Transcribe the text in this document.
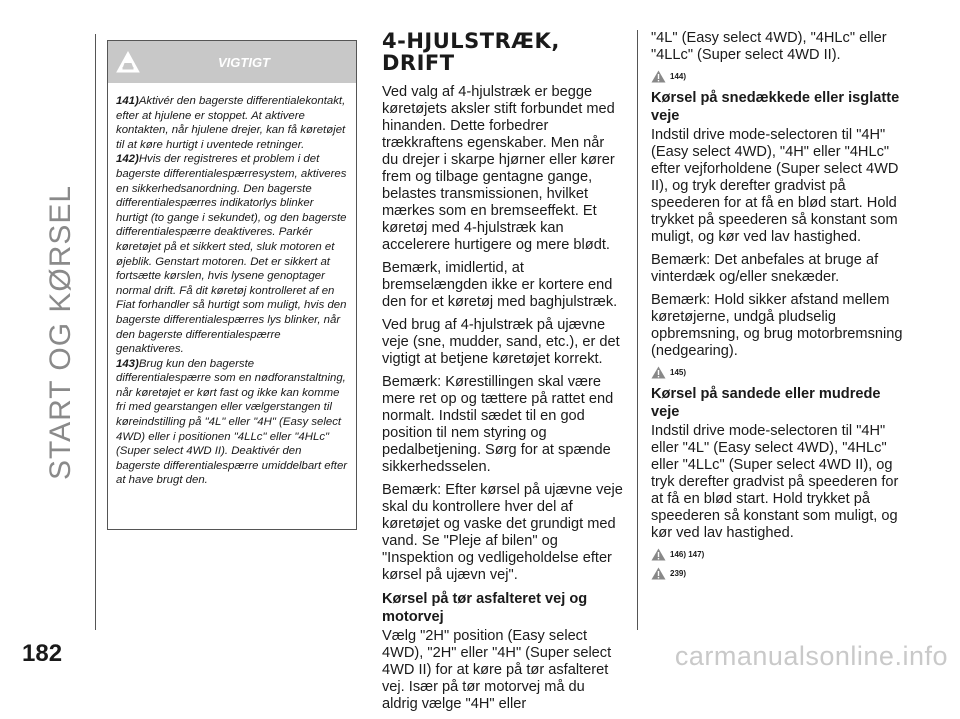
START OG KØRSEL
182
VIGTIGT

141)Aktivér den bagerste differentialekontakt, efter at hjulene er stoppet. At aktivere kontakten, når hjulene drejer, kan få køretøjet til at køre hurtigt i uventede retninger.

142)Hvis der registreres et problem i det bagerste differentialespærresystem, aktiveres en sikkerhedsanordning. Den bagerste differentialespærres indikatorlys blinker hurtigt (to gange i sekundet), og den bagerste differentialespærre deaktiveres. Parkér køretøjet på et sikkert sted, sluk motoren et øjeblik. Genstart motoren. Det er sikkert at fortsætte kørslen, hvis lysene genoptager normal drift. Få dit køretøj kontrolleret af en Fiat forhandler så hurtigt som muligt, hvis den bagerste differentialespærres lys blinker, når den bagerste differentialespærre genaktiveres.

143)Brug kun den bagerste differentialespærre som en nødforanstaltning, når køretøjet er kørt fast og ikke kan komme fri med gearstangen eller vælgerstangen til køreindstilling på "4L" eller "4H" (Easy select 4WD) eller i positionen "4LLc" eller "4HLc" (Super select 4WD II). Deaktivér den bagerste differentialespærre umiddelbart efter at have brugt den.

4-HJULSTRÆK, DRIFT

Ved valg af 4-hjulstræk er begge køretøjets aksler stift forbundet med hinanden. Dette forbedrer trækkraftens egenskaber. Men når du drejer i skarpe hjørner eller kører frem og tilbage gentagne gange, belastes transmissionen, hvilket mærkes som en bremseeffekt. Et køretøj med 4-hjulstræk kan accelerere hurtigere og mere blødt.

Bemærk, imidlertid, at bremselængden ikke er kortere end den for et køretøj med baghjulstræk.

Ved brug af 4-hjulstræk på ujævne veje (sne, mudder, sand, etc.), er det vigtigt at betjene køretøjet korrekt.

Bemærk: Kørestillingen skal være mere ret op og tættere på rattet end normalt. Indstil sædet til en god position til nem styring og pedalbetjening. Sørg for at spænde sikkerhedsselen.

Bemærk: Efter kørsel på ujævne veje skal du kontrollere hver del af køretøjet og vaske det grundigt med vand. Se "Pleje af bilen" og "Inspektion og vedligeholdelse efter kørsel på ujævn vej".

Kørsel på tør asfalteret vej og motorvej

Vælg "2H" position (Easy select 4WD), "2H" eller "4H" (Super select 4WD II) for at køre på tør asfalteret vej. Især på tør motorvej må du aldrig vælge "4H" eller

"4L" (Easy select 4WD), "4HLc" eller "4LLc" (Super select 4WD II).

144)
Kørsel på snedækkede eller isglatte veje

Indstil drive mode-selectoren til "4H" (Easy select 4WD), "4H" eller "4HLc" efter vejforholdene (Super select 4WD II), og tryk derefter gradvist på speederen for at få en blød start. Hold trykket på speederen så konstant som muligt, og kør ved lav hastighed.

Bemærk: Det anbefales at bruge af vinterdæk og/eller snekæder.

Bemærk: Hold sikker afstand mellem køretøjerne, undgå pludselig opbremsning, og brug motorbremsning (nedgearing).

145)
Kørsel på sandede eller mudrede veje

Indstil drive mode-selectoren til "4H" eller "4L" (Easy select 4WD), "4HLc" eller "4LLc" (Super select 4WD II), og tryk derefter gradvist på speederen for at få en blød start. Hold trykket på speederen så konstant som muligt, og kør ved lav hastighed.

146) 147)
239)
carmanualsonline.info
